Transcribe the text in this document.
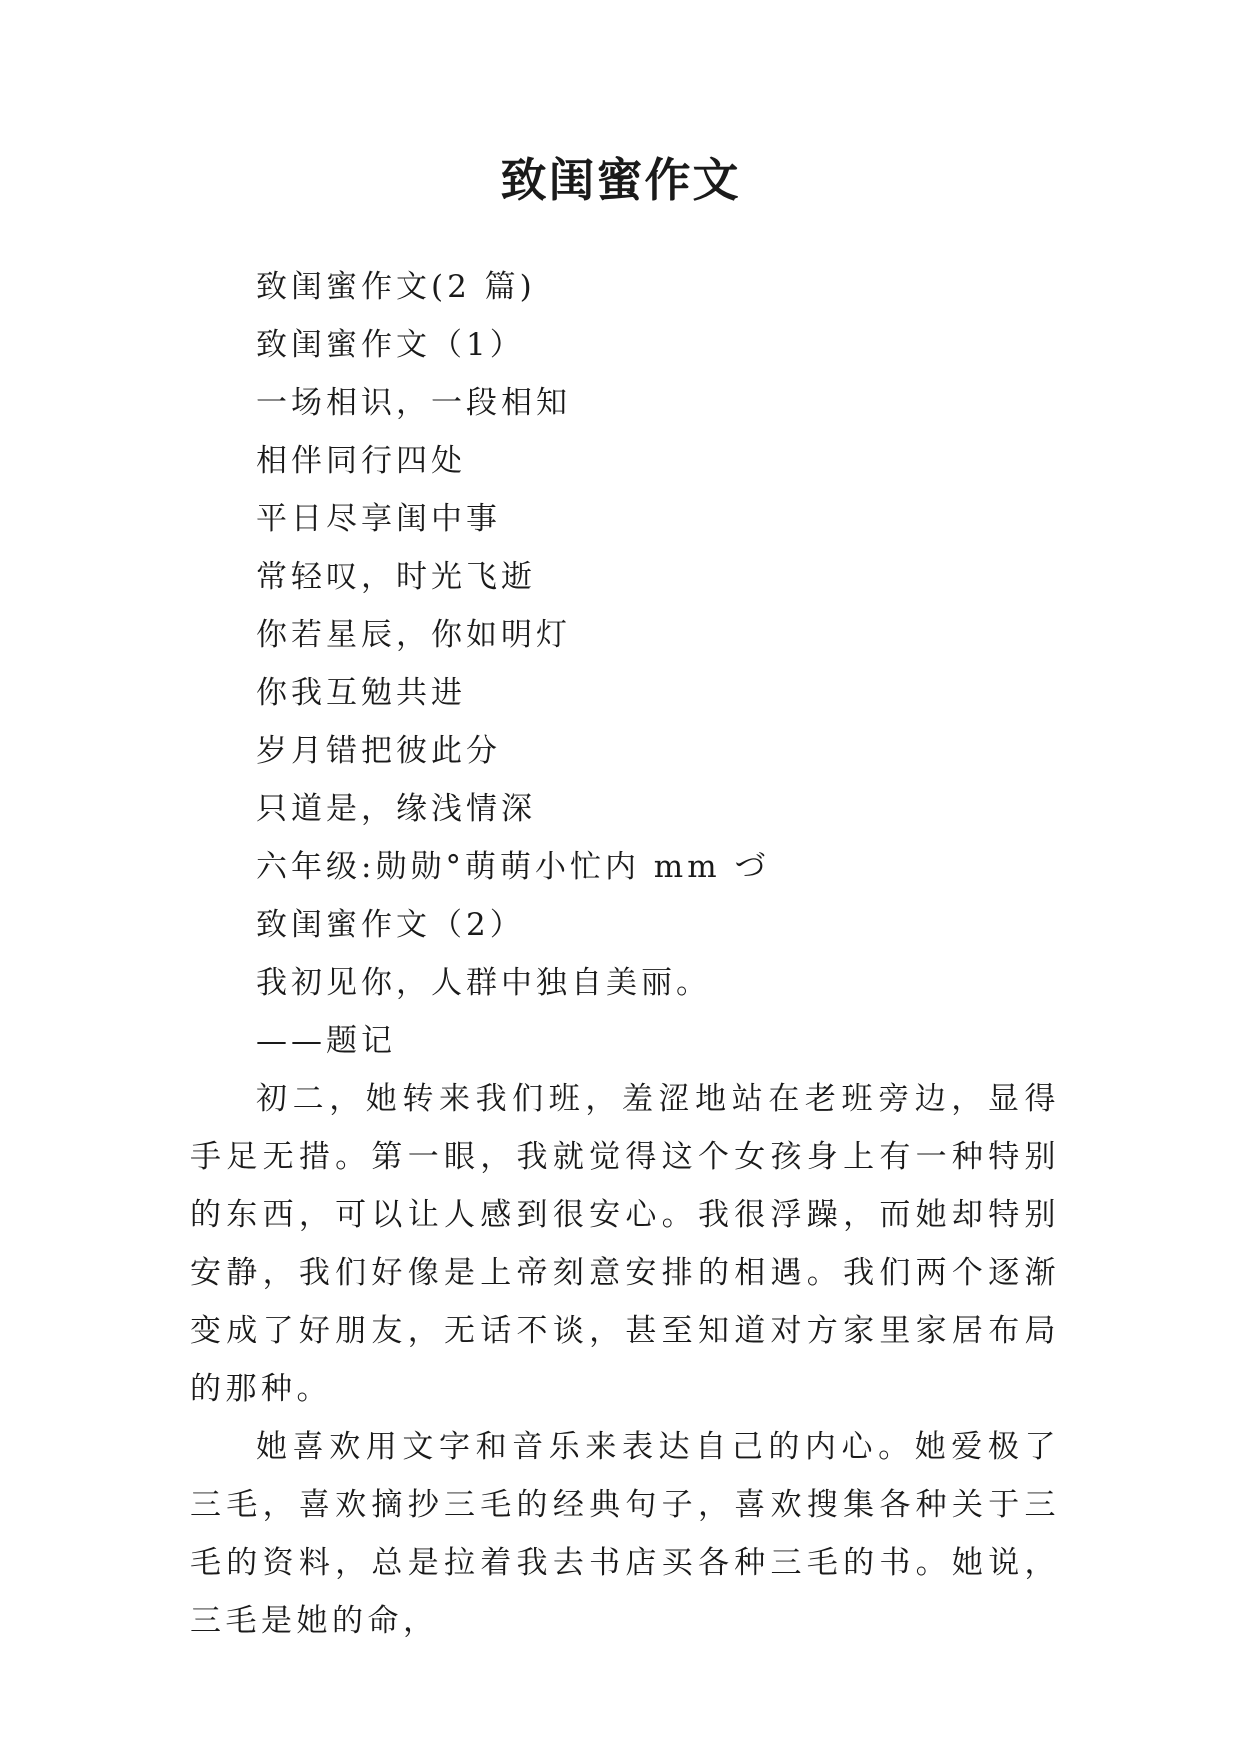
致闺蜜作文

致闺蜜作文(2 篇)

致闺蜜作文（1）

一场相识，一段相知

相伴同行四处

平日尽享闺中事

常轻叹，时光飞逝

你若星辰，你如明灯

你我互勉共进

岁月错把彼此分

只道是，缘浅情深

六年级:勋勋°萌萌小忙内 mm づ

致闺蜜作文（2）

我初见你，人群中独自美丽。

——题记

初二，她转来我们班，羞涩地站在老班旁边，显得手足无措。第一眼，我就觉得这个女孩身上有一种特别的东西，可以让人感到很安心。我很浮躁，而她却特别安静，我们好像是上帝刻意安排的相遇。我们两个逐渐变成了好朋友，无话不谈，甚至知道对方家里家居布局的那种。

她喜欢用文字和音乐来表达自己的内心。她爱极了三毛，喜欢摘抄三毛的经典句子，喜欢搜集各种关于三毛的资料，总是拉着我去书店买各种三毛的书。她说，三毛是她的命，
